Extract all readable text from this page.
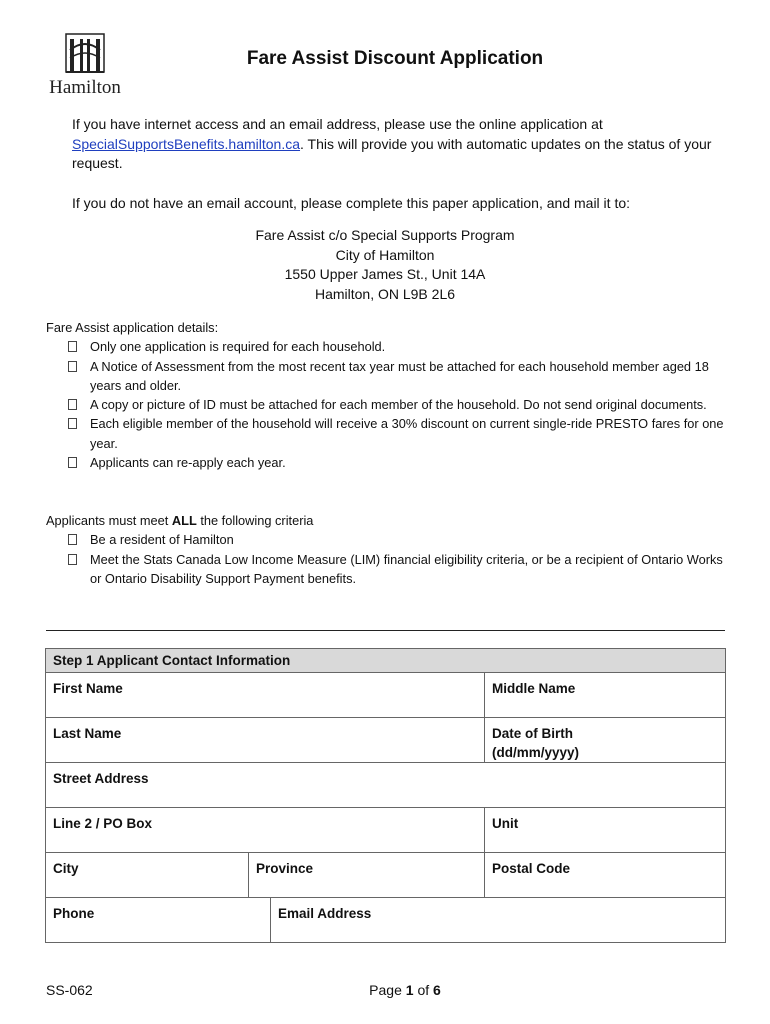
Hamilton
Fare Assist Discount Application
If you have internet access and an email address, please use the online application at SpecialSupportsBenefits.hamilton.ca. This will provide you with automatic updates on the status of your request.
If you do not have an email account, please complete this paper application, and mail it to:
Fare Assist c/o Special Supports Program
City of Hamilton
1550 Upper James St., Unit 14A
Hamilton, ON L9B 2L6
Fare Assist application details:
Only one application is required for each household.
A Notice of Assessment from the most recent tax year must be attached for each household member aged 18 years and older.
A copy or picture of ID must be attached for each member of the household. Do not send original documents.
Each eligible member of the household will receive a 30% discount on current single-ride PRESTO fares for one year.
Applicants can re-apply each year.
Applicants must meet ALL the following criteria
Be a resident of Hamilton
Meet the Stats Canada Low Income Measure (LIM) financial eligibility criteria, or be a recipient of Ontario Works or Ontario Disability Support Payment benefits.
Step 1 Applicant Contact Information			
First Name			Middle Name
Last Name			Date of Birth
(dd/mm/yyyy)

Street Address			
Line 2 / PO Box			Unit
City	Province		Postal Code
Phone		Email Address	
SS-062	Page 1 of 6
